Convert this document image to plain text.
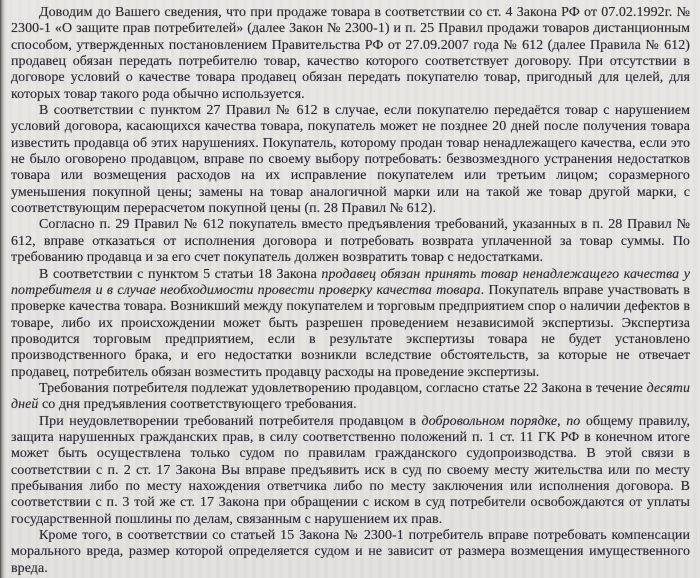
Доводим до Вашего сведения, что при продаже товара в соответствии со ст. 4 Закона РФ от 07.02.1992г. № 2300-1 «О защите прав потребителей» (далее Закон № 2300-1) и п. 25 Правил продажи товаров дистанционным способом, утвержденных постановлением Правительства РФ от 27.09.2007 года № 612 (далее Правила № 612) продавец обязан передать потребителю товар, качество которого соответствует договору. При отсутствии в договоре условий о качестве товара продавец обязан передать покупателю товар, пригодный для целей, для которых товар такого рода обычно используется.

В соответствии с пунктом 27 Правил № 612 в случае, если покупателю передаётся товар с нарушением условий договора, касающихся качества товара, покупатель может не позднее 20 дней после получения товара известить продавца об этих нарушениях. Покупатель, которому продан товар ненадлежащего качества, если это не было оговорено продавцом, вправе по своему выбору потребовать: безвозмездного устранения недостатков товара или возмещения расходов на их исправление покупателем или третьим лицом; соразмерного уменьшения покупной цены; замены на товар аналогичной марки или на такой же товар другой марки, с соответствующим перерасчетом покупной цены (п. 28 Правил № 612).

Согласно п. 29 Правил № 612 покупатель вместо предъявления требований, указанных в п. 28 Правил № 612, вправе отказаться от исполнения договора и потребовать возврата уплаченной за товар суммы. По требованию продавца и за его счет покупатель должен возвратить товар с недостатками.

В соответствии с пунктом 5 статьи 18 Закона продавец обязан принять товар ненадлежащего качества у потребителя и в случае необходимости провести проверку качества товара. Покупатель вправе участвовать в проверке качества товара. Возникший между покупателем и торговым предприятием спор о наличии дефектов в товаре, либо их происхождении может быть разрешен проведением независимой экспертизы. Экспертиза проводится торговым предприятием, если в результате экспертизы товара не будет установлено производственного брака, и его недостатки возникли вследствие обстоятельств, за которые не отвечает продавец, потребитель обязан возместить продавцу расходы на проведение экспертизы.

Требования потребителя подлежат удовлетворению продавцом, согласно статье 22 Закона в течение десяти дней со дня предъявления соответствующего требования.

При неудовлетворении требований потребителя продавцом в добровольном порядке, по общему правилу, защита нарушенных гражданских прав, в силу соответственно положений п. 1 ст. 11 ГК РФ в конечном итоге может быть осуществлена только судом по правилам гражданского судопроизводства. В этой связи в соответствии с п. 2 ст. 17 Закона Вы вправе предъявить иск в суд по своему месту жительства или по месту пребывания либо по месту нахождения ответчика либо по месту заключения или исполнения договора. В соответствии с п. 3 той же ст. 17 Закона при обращении с иском в суд потребители освобождаются от уплаты государственной пошлины по делам, связанным с нарушением их прав.

Кроме того, в соответствии со статьей 15 Закона № 2300-1 потребитель вправе потребовать компенсации морального вреда, размер которой определяется судом и не зависит от размера возмещения имущественного вреда.
